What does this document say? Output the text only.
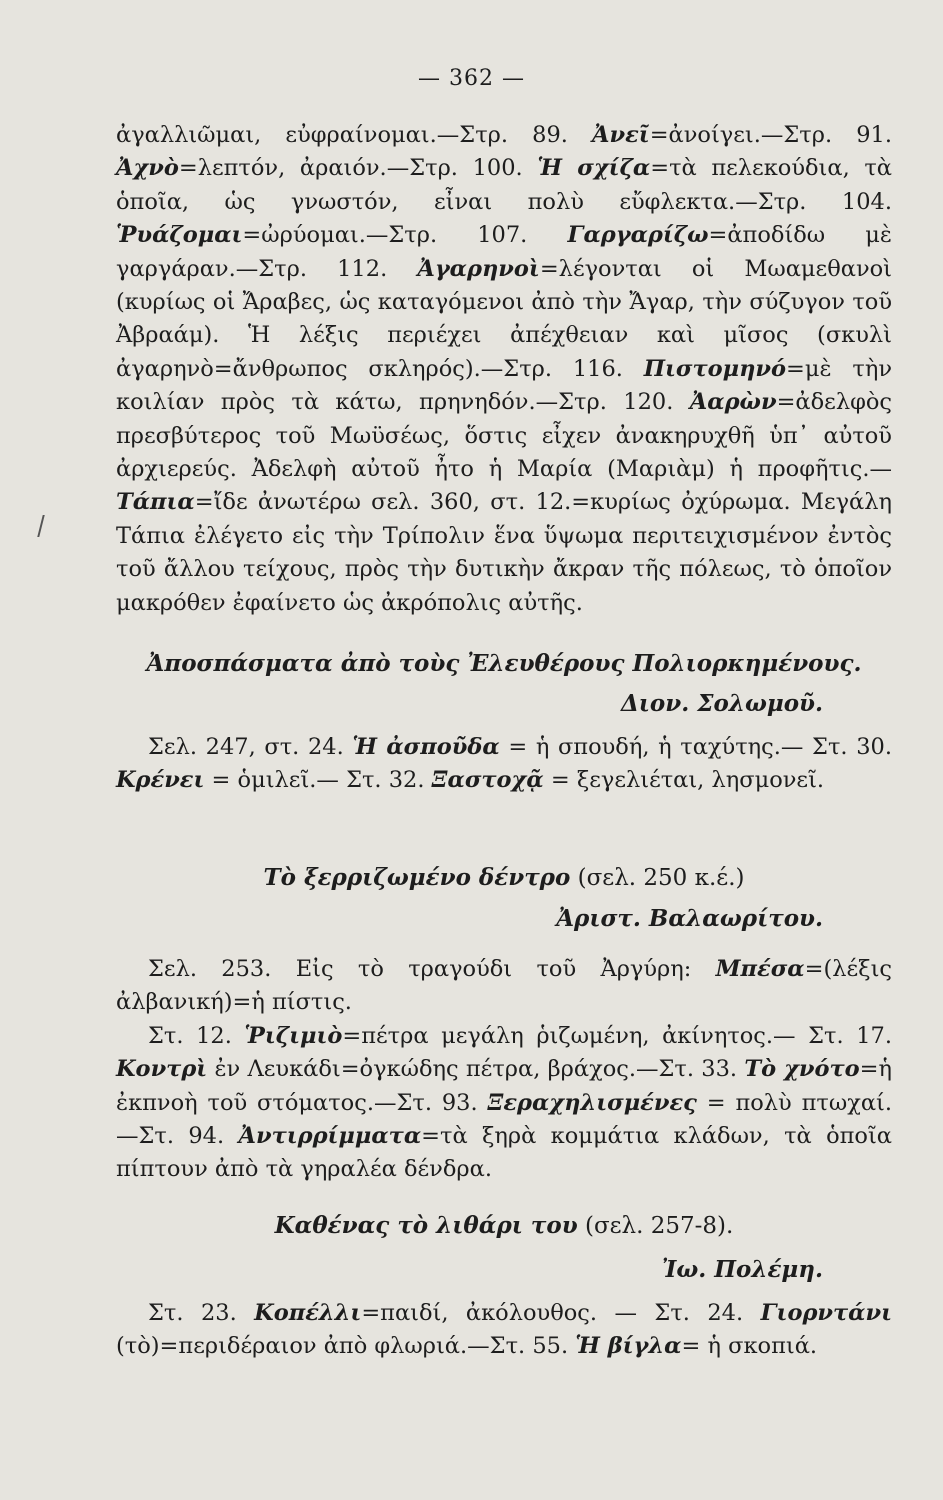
— 362 —

ἀγαλλιῶμαι, εὐφραίνομαι.—Στρ. 89. Ἀνεῖ=ἀνοίγει.—Στρ. 91. Ἀχνὸ=λεπτόν, ἀραιόν.—Στρ. 100. Ἡ σχίζα=τὰ πελεκούδια, τὰ ὁποῖα, ὡς γνωστόν, εἶναι πολὺ εὔφλεκτα.—Στρ. 104. Ῥυάζομαι=ὠρύομαι.—Στρ. 107. Γαργαρίζω=ἀποδίδω μὲ γαργάραν.—Στρ. 112. Ἀγαρηνοὶ=λέγονται οἱ Μωαμεθανοὶ (κυρίως οἱ Ἄραβες, ὡς καταγόμενοι ἀπὸ τὴν Ἄγαρ, τὴν σύζυγον τοῦ Ἀβραάμ). Ἡ λέξις περιέχει ἀπέχθειαν καὶ μῖσος (σκυλὶ ἀγαρηνὸ=ἄνθρωπος σκληρός).—Στρ. 116. Πιστομηνό=μὲ τὴν κοιλίαν πρὸς τὰ κάτω, πρηνηδόν.—Στρ. 120. Ἀαρὼν=ἀδελφὸς πρεσβύτερος τοῦ Μωϋσέως, ὅστις εἶχεν ἀνακηρυχθῆ ὑπ᾿ αὐτοῦ ἀρχιερεύς. Ἀδελφὴ αὐτοῦ ἦτο ἡ Μαρία (Μαριὰμ) ἡ προφῆτις.— Τάπια=ἴδε ἀνωτέρω σελ. 360, στ. 12.=κυρίως ὀχύρωμα. Μεγάλη Τάπια ἐλέγετο εἰς τὴν Τρίπολιν ἕνα ὕψωμα περιτειχισμένον ἐντὸς τοῦ ἄλλου τείχους, πρὸς τὴν δυτικὴν ἄκραν τῆς πόλεως, τὸ ὁποῖον μακρόθεν ἐφαίνετο ὡς ἀκρόπολις αὐτῆς.

Ἀποσπάσματα ἀπὸ τοὺς Ἐλευθέρους Πολιορκημένους.

Διον. Σολωμοῦ.

Σελ. 247, στ. 24. Ἡ ἀσποῦδα = ἡ σπουδή, ἡ ταχύτης.— Στ. 30. Κρένει = ὁμιλεῖ.— Στ. 32. Ξαστοχᾷ = ξεγελιέται, λησμονεῖ.

Τὸ ξερριζωμένο δέντρο (σελ. 250 κ.έ.)

Ἀριστ. Βαλαωρίτου.

Σελ. 253. Εἰς τὸ τραγούδι τοῦ Ἀργύρη: Μπέσα=(λέξις ἀλβανική)=ἡ πίστις.
Στ. 12. Ῥιζιμιὸ=πέτρα μεγάλη ῥιζωμένη, ἀκίνητος.— Στ. 17. Κοντρὶ ἐν Λευκάδι=ὀγκώδης πέτρα, βράχος.—Στ. 33. Τὸ χνότο=ἡ ἐκπνοὴ τοῦ στόματος.—Στ. 93. Ξεραχηλισμένες = πολὺ πτωχαί.—Στ. 94. Ἀντιρρίμματα=τὰ ξηρὰ κομμάτια κλάδων, τὰ ὁποῖα πίπτουν ἀπὸ τὰ γηραλέα δένδρα.

Καθένας τὸ λιθάρι του (σελ. 257-8).

Ἰω. Πολέμη.

Στ. 23. Κοπέλλι=παιδί, ἀκόλουθος. — Στ. 24. Γιορντάνι (τὸ)=περιδέραιον ἀπὸ φλωριά.—Στ. 55. Ἡ βίγλα= ἡ σκοπιά.
